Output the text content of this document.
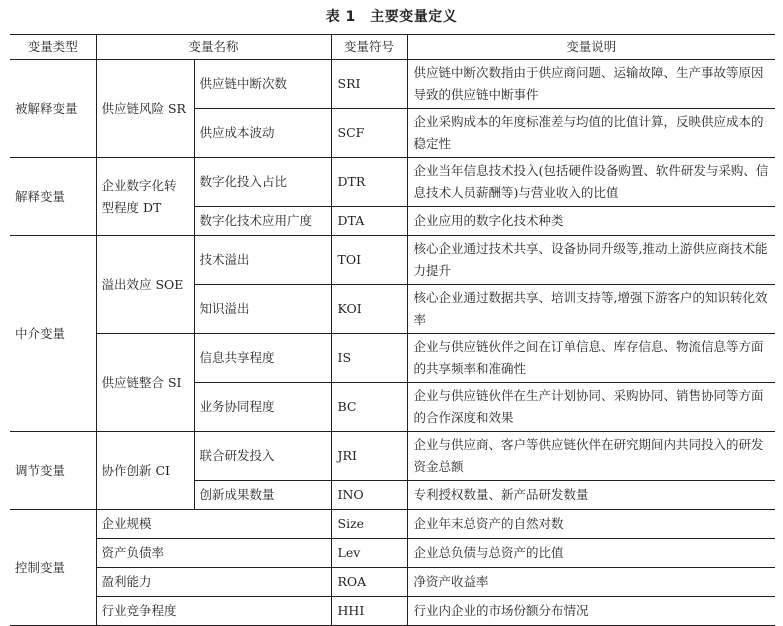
表 1　主要变量定义
变量类型	变量名称		变量符号	变量说明
被解释变量	供应链风险 SR	供应链中断次数	SRI	供应链中断次数指由于供应商问题、运输故障、生产事故等原因导致的供应链中断事件
		供应成本波动	SCF	企业采购成本的年度标准差与均值的比值计算，反映供应成本的稳定性
解释变量	企业数字化转型程度 DT	数字化投入占比	DTR	企业当年信息技术投入(包括硬件设备购置、软件研发与采购、信息技术人员薪酬等)与营业收入的比值
		数字化技术应用广度	DTA	企业应用的数字化技术种类
中介变量	溢出效应 SOE	技术溢出	TOI	核心企业通过技术共享、设备协同升级等,推动上游供应商技术能力提升
		知识溢出	KOI	核心企业通过数据共享、培训支持等,增强下游客户的知识转化效率
	供应链整合 SI	信息共享程度	IS	企业与供应链伙伴之间在订单信息、库存信息、物流信息等方面的共享频率和准确性
		业务协同程度	BC	企业与供应链伙伴在生产计划协同、采购协同、销售协同等方面的合作深度和效果
调节变量	协作创新 CI	联合研发投入	JRI	企业与供应商、客户等供应链伙伴在研究期间内共同投入的研发资金总额
		创新成果数量	INO	专利授权数量、新产品研发数量
控制变量	企业规模		Size	企业年末总资产的自然对数
	资产负债率		Lev	企业总负债与总资产的比值
	盈利能力		ROA	净资产收益率
	行业竞争程度		HHI	行业内企业的市场份额分布情况
